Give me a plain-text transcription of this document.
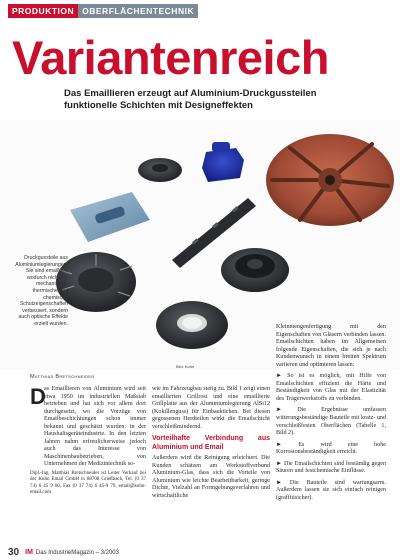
PRODUKTION OBERFLÄCHENTECHNIK
Variantenreich
Das Emaillieren erzeugt auf Aluminium-Druckgussteilen
funktionelle Schichten mit Designeffekten
Druckgussteile aus Aluminiumlegierungen. Sie sind emailliert, wodurch nicht nur mechanische, thermische und chemische Schutzeigenschaften verbessert, sondern auch optische Effekte erzielt wurden.
Bild: Kuhn
Matthias Bretschneider
D
as Emaillieren von Aluminium wird seit etwa 1950 im industriellen Maßstab betrieben und hat sich vor allem dort durchgesetzt, wo die Vorzüge von Emailbeschichtungen schon immer bekannt und geschätzt wurden: in der Haushaltsgeräteindustrie. In den letzten Jahren nahm erfreulicherweise jedoch auch das Interesse von Maschinenbaubetrieben, von Unternehmen der Medizintechnik so-

Dipl.-Ing. Matthias Bretschneider ist Leiter Verkauf bei der Kuhn Email GmbH in 88708 Grießbach, Tel. (0 37 74) 6 45 9 60, Fax (0 37 74) 6 45-9 79, email@kuhn-email.com

wie im Fahrzeugbau stetig zu. Bild 1 zeigt einen emaillierten Grillrost und eine emaillierte Grillplatte aus der Aluminiumlegierung AlSi12 (Kokillenguss) für Einbauküchen. Bei diesen gegossenen Herdteilen wirkt die Emailschicht verschleißmindernd.

Vorteilhafte Verbindung aus Aluminium und Email

Außerdem wird die Reinigung erleichtert. Die Kunden schätzen am Werkstoffverbund Aluminium-Glas, dass sich die Vorteile von Aluminium wie leichte Bearbeitbarkeit, geringe Dichte, Vielzahl an Formgebungsverfahren und wirtschaftliche

Kleinmengenfertigung mit den Eigenschaften von Gläsern verbinden lassen. Emailschichten haben im Allgemeinen folgende Eigenschaften, die sich je nach Kundenwunsch in einem breiten Spektrum variieren und optimieren lassen:

► So ist es möglich, mit Hilfe von Emailschichten effizient die Härte und Beständigkeit von Glas mit der Elastizität des Trägerwerkstoffs zu verbinden.

► Die Ergebnisse umfassen witterungsbeständige Bauteile mit kratz- und verschleißfesten Oberflächen (Tabelle 1, Bild 2).

► Es wird eine hohe Korrosionsbeständigkeit erreicht.

► Die Emailschichten sind beständig gegen Säuren und festchemische Einflüsse.

► Die Bauteile sind wartungsarm. Außerdem lassen sie sich einfach reinigen (graffitisicher).

30 IM Das IndustrieMagazin – 3/2003
